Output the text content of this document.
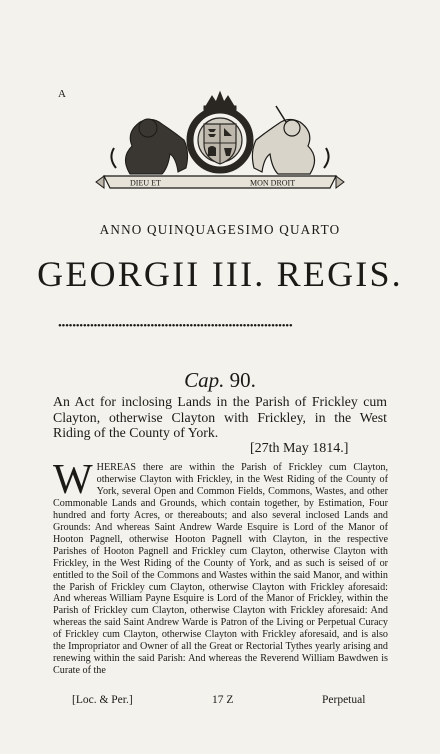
DIEU ET	MON DROIT
A
ANNO QUINQUAGESIMO QUARTO
GEORGII III. REGIS.
••••••••••••••••••••••••••••••••••••••••••••••••••••••••••••••••••
Cap. 90.
An Act for inclosing Lands in the Parish of Frickley cum Clayton, otherwise Clayton with Frickley, in the West Riding of the County of York.
[27th May 1814.]
W HEREAS there are within the Parish of Frickley cum Clayton, otherwise Clayton with Frickley, in the West Riding of the County of York, several Open and Common Fields, Commons, Wastes, and other Commonable Lands and Grounds, which contain together, by Estimation, Four hundred and forty Acres, or thereabouts; and also several inclosed Lands and Grounds: And whereas Saint Andrew Warde Esquire is Lord of the Manor of Hooton Pagnell, otherwise Hooton Pagnell with Clayton, in the respective Parishes of Hooton Pagnell and Frickley cum Clayton, otherwise Clayton with Frickley, in the West Riding of the County of York, and as such is seised of or entitled to the Soil of the Commons and Wastes within the said Manor, and within the Parish of Frickley cum Clayton, otherwise Clayton with Frickley aforesaid: And whereas William Payne Esquire is Lord of the Manor of Frickley, within the Parish of Frickley cum Clayton, otherwise Clayton with Frickley aforesaid: And whereas the said Saint Andrew Warde is Patron of the Living or Perpetual Curacy of Frickley cum Clayton, otherwise Clayton with Frickley aforesaid, and is also the Impropriator and Owner of all the Great or Rectorial Tythes yearly arising and renewing within the said Parish: And whereas the Reverend William Bawdwen is Curate of the
[Loc. & Per.]	17 Z	Perpetual
